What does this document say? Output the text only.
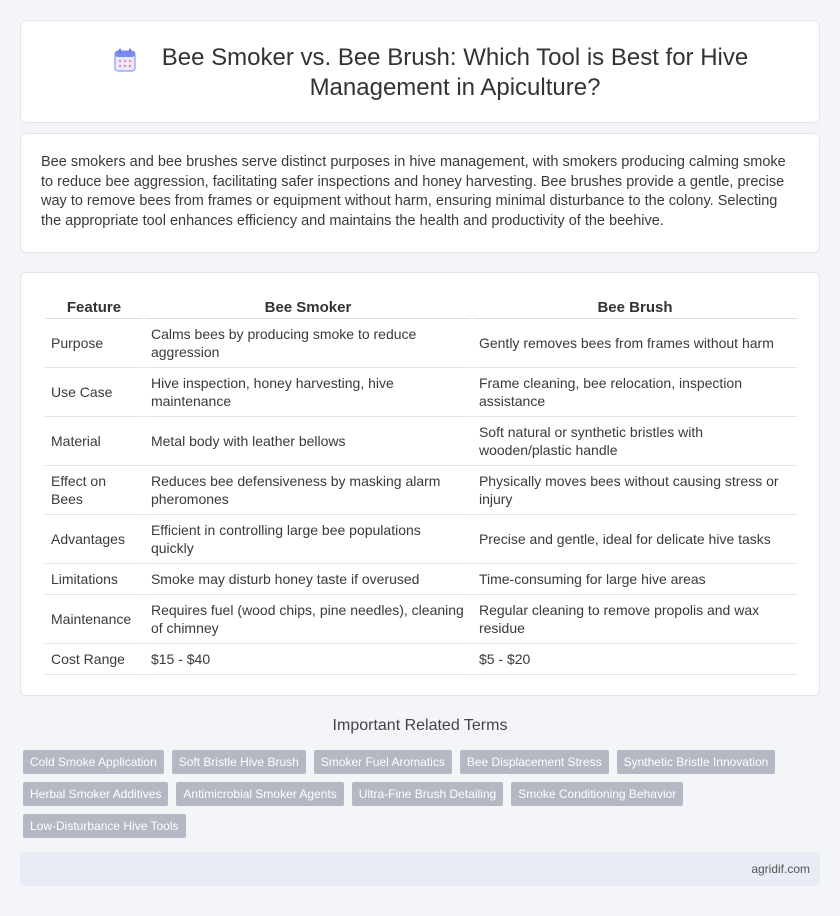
Bee Smoker vs. Bee Brush: Which Tool is Best for Hive Management in Apiculture?

Bee smokers and bee brushes serve distinct purposes in hive management, with smokers producing calming smoke to reduce bee aggression, facilitating safer inspections and honey harvesting. Bee brushes provide a gentle, precise way to remove bees from frames or equipment without harm, ensuring minimal disturbance to the colony. Selecting the appropriate tool enhances efficiency and maintains the health and productivity of the beehive.

Feature	Bee Smoker	Bee Brush
Purpose	Calms bees by producing smoke to reduce aggression	Gently removes bees from frames without harm
Use Case	Hive inspection, honey harvesting, hive maintenance	Frame cleaning, bee relocation, inspection assistance
Material	Metal body with leather bellows	Soft natural or synthetic bristles with wooden/plastic handle
Effect on Bees	Reduces bee defensiveness by masking alarm pheromones	Physically moves bees without causing stress or injury
Advantages	Efficient in controlling large bee populations quickly	Precise and gentle, ideal for delicate hive tasks
Limitations	Smoke may disturb honey taste if overused	Time-consuming for large hive areas
Maintenance	Requires fuel (wood chips, pine needles), cleaning of chimney	Regular cleaning to remove propolis and wax residue
Cost Range	$15 - $40	$5 - $20
Important Related Terms
Cold Smoke Application	Soft Bristle Hive Brush	Smoker Fuel Aromatics	Bee Displacement Stress	Synthetic Bristle Innovation
Herbal Smoker Additives	Antimicrobial Smoker Agents	Ultra-Fine Brush Detailing	Smoke Conditioning Behavior
Low-Disturbance Hive Tools
agridif.com
